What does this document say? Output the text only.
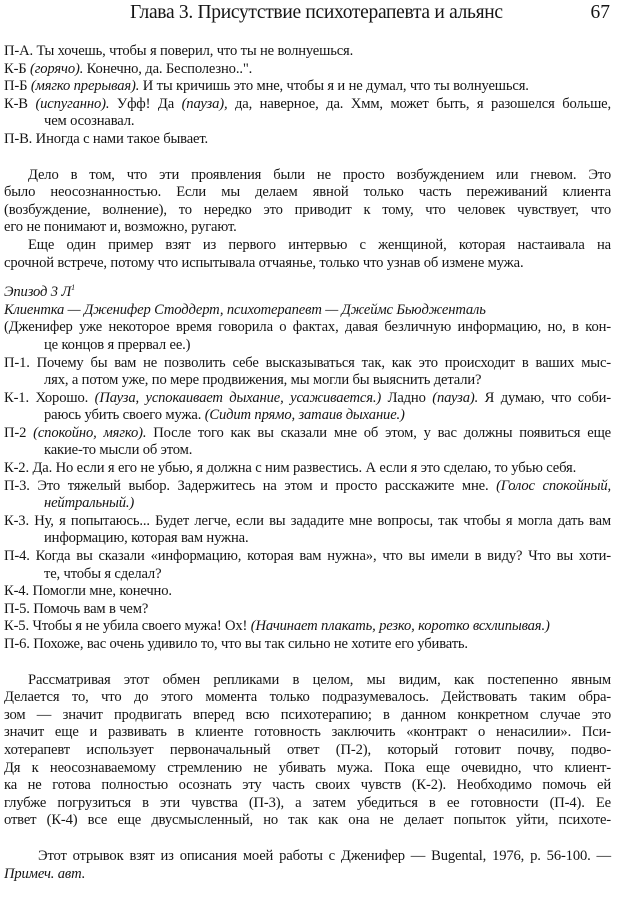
Глава 3. Присутствие психотерапевта и альянс	67
П-А. Ты хочешь, чтобы я поверил, что ты не волнуешься.
К-Б (горячо). Конечно, да. Бесполезно..".
П-Б (мягко прерывая). И ты кричишь это мне, чтобы я и не думал, что ты волнуешься.
К-В (испуганно). Уфф! Да (пауза), да, наверное, да. Хмм, может быть, я разошелся больше,
чем осознавал.
П-В. Иногда с нами такое бывает.
Дело в том, что эти проявления были не просто возбуждением или гневом. Это
было неосознанностью. Если мы делаем явной только часть переживаний клиента
(возбуждение, волнение), то нередко это приводит к тому, что человек чувствует, что
его не понимают и, возможно, ругают.
Еще один пример взят из первого интервью с женщиной, которая настаивала на
срочной встрече, потому что испытывала отчаянье, только что узнав об измене мужа.
Эпизод 3 $Л^1$
Клиентка — Дженифер Стоддерт, психотерапевт — Джеймс Бьюдженталь
(Дженифер уже некоторое время говорила о фактах, давая безличную информацию, но, в кон-
це концов я прервал ее.)
П-1. Почему бы вам не позволить себе высказываться так, как это происходит в ваших мыс-
лях, а потом уже, по мере продвижения, мы могли бы выяснить детали?
К-1. Хорошо. (Пауза, успокаивает дыхание, усаживается.) Ладно (пауза). Я думаю, что соби-
раюсь убить своего мужа. (Сидит прямо, затаив дыхание.)
П-2 (спокойно, мягко). После того как вы сказали мне об этом, у вас должны появиться еще
какие-то мысли об этом.
К-2. Да. Но если я его не убью, я должна с ним развестись. А если я это сделаю, то убью себя.
П-3. Это тяжелый выбор. Задержитесь на этом и просто расскажите мне. (Голос спокойный,
нейтральный.)
К-3. Ну, я попытаюсь... Будет легче, если вы зададите мне вопросы, так чтобы я могла дать вам
информацию, которая вам нужна.
П-4. Когда вы сказали «информацию, которая вам нужна», что вы имели в виду? Что вы хоти-
те, чтобы я сделал?
К-4. Помогли мне, конечно.
П-5. Помочь вам в чем?
К-5. Чтобы я не убила своего мужа! Ох! (Начинает плакать, резко, коротко всхлипывая.)
П-6. Похоже, вас очень удивило то, что вы так сильно не хотите его убивать.
Рассматривая этот обмен репликами в целом, мы видим, как постепенно явным
Делается то, что до этого момента только подразумевалось. Действовать таким обра-
зом — значит продвигать вперед всю психотерапию; в данном конкретном случае это
значит еще и развивать в клиенте готовность заключить «контракт о ненасилии». Пси-
хотерапевт использует первоначальный ответ (П-2), который готовит почву, подво-
Дя к неосознаваемому стремлению не убивать мужа. Пока еще очевидно, что клиент-
ка не готова полностью осознать эту часть своих чувств (К-2). Необходимо помочь ей
глубже погрузиться в эти чувства (П-3), а затем убедиться в ее готовности (П-4). Ее
ответ (К-4) все еще двусмысленный, но так как она не делает попыток уйти, психоте-
Этот отрывок взят из описания моей работы с Дженифер — Bugental, 1976, p. 56-100. —
Примеч. авт.
